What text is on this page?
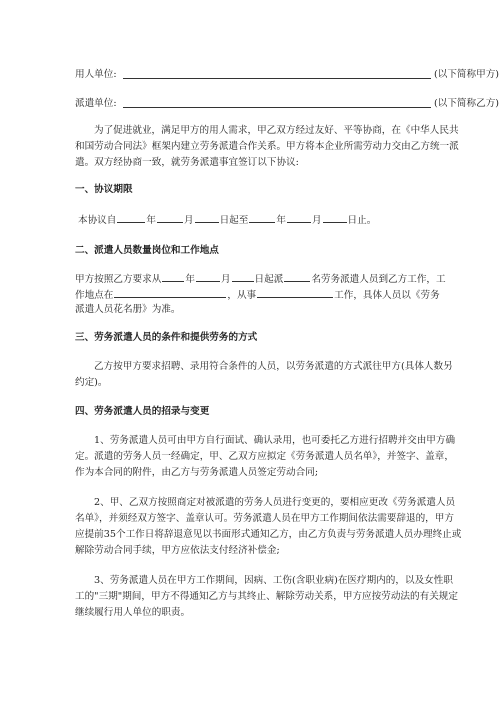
用人单位:	(以下简称甲方)
派遣单位:	(以下简称乙方)
为了促进就业，满足甲方的用人需求，甲乙双方经过友好、平等协商，在《中华人民共
和国劳动合同法》框架内建立劳务派遣合作关系。甲方将本企业所需劳动力交由乙方统一派
遣。双方经协商一致，就劳务派遣事宜签订以下协议:
一、协议期限
本协议自	年	月	日起至	年	月	日止。
二、派遣人员数量岗位和工作地点
甲方按照乙方要求从	年	月	日起派	名劳务派遣人员到乙方工作，工
作地点在	，从事	工作，具体人员以《劳务
派遣人员花名册》为准。
三、劳务派遣人员的条件和提供劳务的方式
乙方按甲方要求招聘、录用符合条件的人员，以劳务派遣的方式派往甲方(具体人数另
约定)。
四、劳务派遣人员的招录与变更
1、劳务派遣人员可由甲方自行面试、确认录用，也可委托乙方进行招聘并交由甲方确
定。派遣的劳务人员一经确定，甲、乙双方应拟定《劳务派遣人员名单》，并签字、盖章，
作为本合同的附件，由乙方与劳务派遣人员签定劳动合同;
2、甲、乙双方按照商定对被派遣的劳务人员进行变更的，要相应更改《劳务派遣人员
名单》，并须经双方签字、盖章认可。劳务派遣人员在甲方工作期间依法需要辞退的，甲方
应提前35个工作日将辞退意见以书面形式通知乙方，由乙方负责与劳务派遣人员办理终止或
解除劳动合同手续，甲方应依法支付经济补偿金;
3、劳务派遣人员在甲方工作期间，因病、工伤(含职业病)在医疗期内的，以及女性职
工的"三期"期间，甲方不得通知乙方与其终止、解除劳动关系，甲方应按劳动法的有关规定
继续履行用人单位的职责。
